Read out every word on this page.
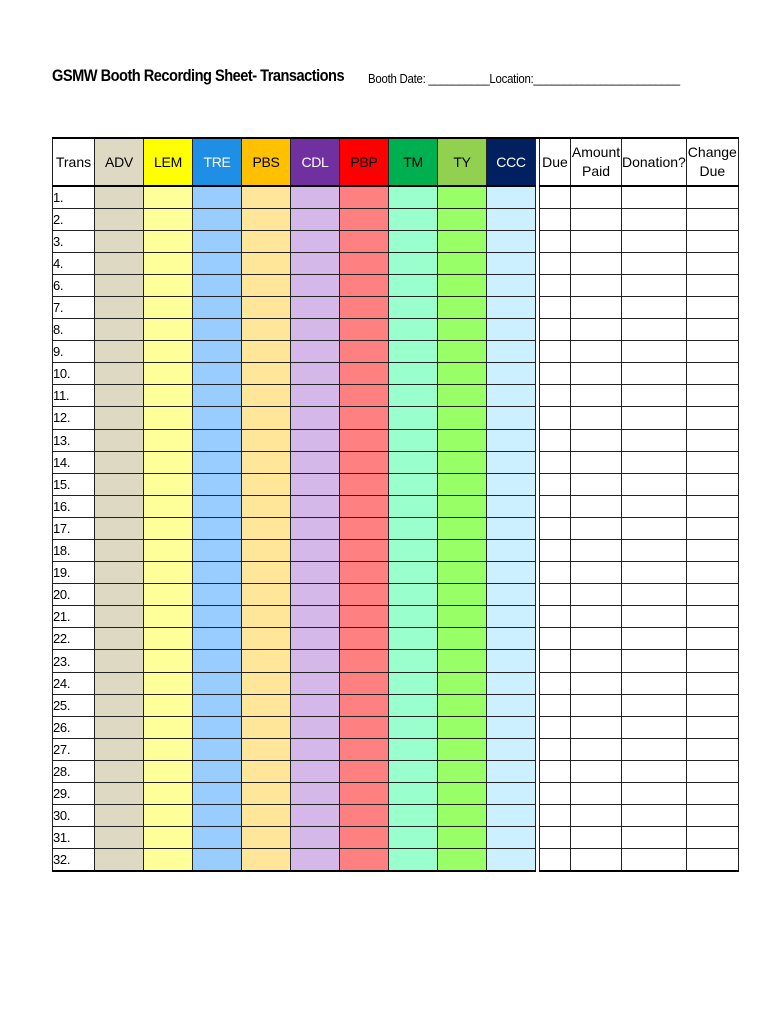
GSMW Booth Recording Sheet- Transactions Booth Date: __________Location:________________________
Trans	ADV	LEM	TRE	PBS	CDL	PBP	TM	TY	CCC		Due	Amount Paid	Donation?	Change Due
1.														
2.														
3.														
4.														
6.														
7.														
8.														
9.														
10.														
11.														
12.														
13.														
14.														
15.														
16.														
17.														
18.														
19.														
20.														
21.														
22.														
23.														
24.														
25.														
26.														
27.														
28.														
29.														
30.														
31.														
32.														
